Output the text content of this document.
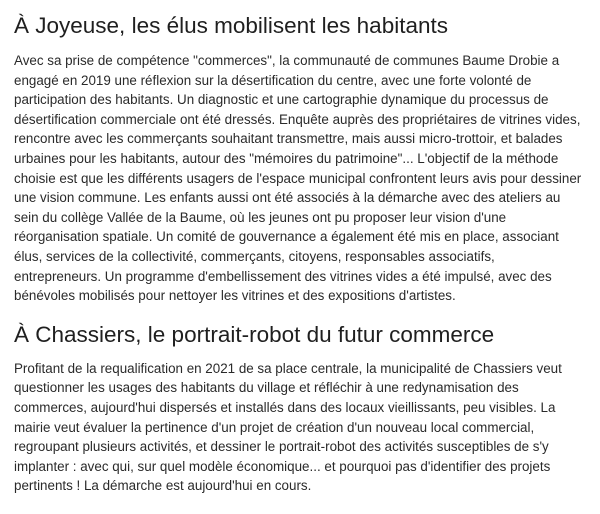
À Joyeuse, les élus mobilisent les habitants

Avec sa prise de compétence "commerces", la communauté de communes Baume Drobie a engagé en 2019 une réflexion sur la désertification du centre, avec une forte volonté de participation des habitants. Un diagnostic et une cartographie dynamique du processus de désertification commerciale ont été dressés. Enquête auprès des propriétaires de vitrines vides, rencontre avec les commerçants souhaitant transmettre, mais aussi micro-trottoir, et balades urbaines pour les habitants, autour des "mémoires du patrimoine"... L'objectif de la méthode choisie est que les différents usagers de l'espace municipal confrontent leurs avis pour dessiner une vision commune. Les enfants aussi ont été associés à la démarche avec des ateliers au sein du collège Vallée de la Baume, où les jeunes ont pu proposer leur vision d'une réorganisation spatiale. Un comité de gouvernance a également été mis en place, associant élus, services de la collectivité, commerçants, citoyens, responsables associatifs, entrepreneurs. Un programme d'embellissement des vitrines vides a été impulsé, avec des bénévoles mobilisés pour nettoyer les vitrines et des expositions d'artistes.

À Chassiers, le portrait-robot du futur commerce

Profitant de la requalification en 2021 de sa place centrale, la municipalité de Chassiers veut questionner les usages des habitants du village et réfléchir à une redynamisation des commerces, aujourd'hui dispersés et installés dans des locaux vieillissants, peu visibles. La mairie veut évaluer la pertinence d'un projet de création d'un nouveau local commercial, regroupant plusieurs activités, et dessiner le portrait-robot des activités susceptibles de s'y implanter : avec qui, sur quel modèle économique... et pourquoi pas d'identifier des projets pertinents ! La démarche est aujourd'hui en cours.
